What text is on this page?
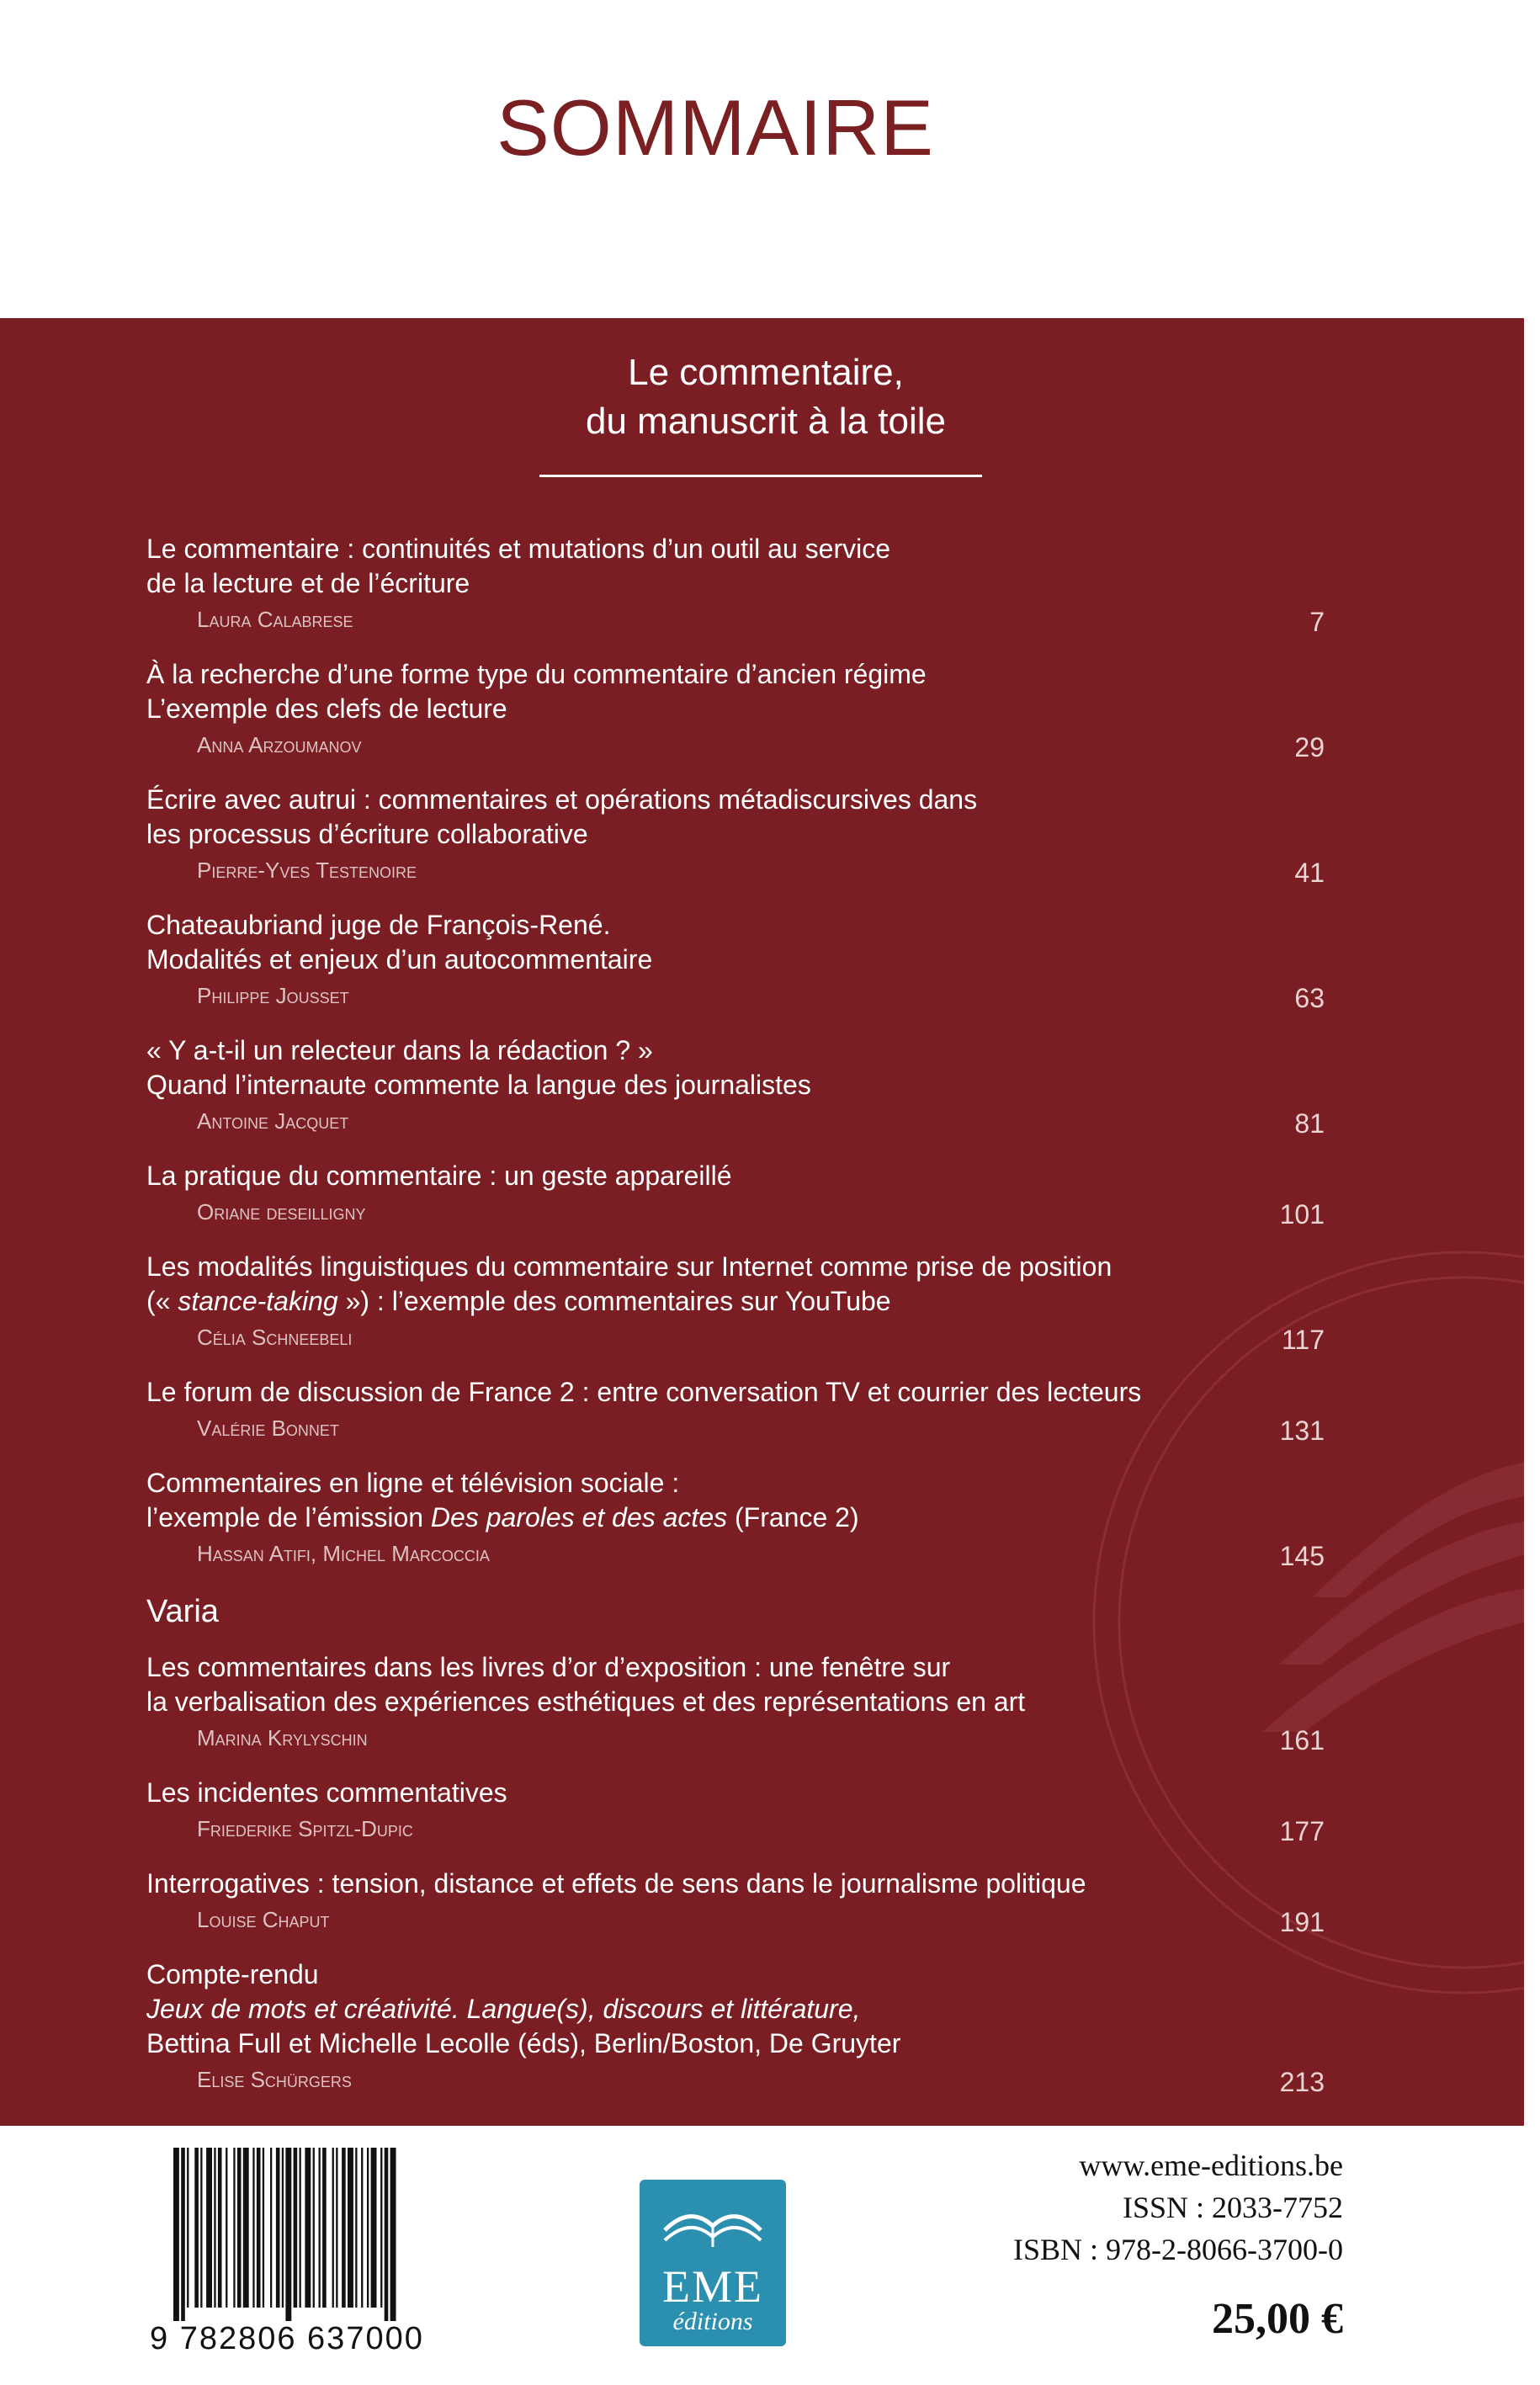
SOMMAIRE
Le commentaire,
du manuscrit à la toile
Le commentaire : continuités et mutations d’un outil au service
de la lecture et de l’écriture
Laura Calabrese	7
À la recherche d’une forme type du commentaire d’ancien régime
L’exemple des clefs de lecture
Anna Arzoumanov	29
Écrire avec autrui : commentaires et opérations métadiscursives dans
les processus d’écriture collaborative
Pierre-Yves Testenoire	41
Chateaubriand juge de François-René.
Modalités et enjeux d’un autocommentaire
Philippe Jousset	63
« Y a-t-il un relecteur dans la rédaction ? »
Quand l’internaute commente la langue des journalistes
Antoine Jacquet	81
La pratique du commentaire : un geste appareillé
Oriane deseilligny	101
Les modalités linguistiques du commentaire sur Internet comme prise de position
(« stance-taking ») : l’exemple des commentaires sur YouTube
Célia Schneebeli	117
Le forum de discussion de France 2 : entre conversation TV et courrier des lecteurs
Valérie Bonnet	131
Commentaires en ligne et télévision sociale :
l’exemple de l’émission Des paroles et des actes (France 2)
Hassan Atifi, Michel Marcoccia	145
Varia
Les commentaires dans les livres d’or d’exposition : une fenêtre sur
la verbalisation des expériences esthétiques et des représentations en art
Marina Krylyschin	161
Les incidentes commentatives
Friederike Spitzl-Dupic	177
Interrogatives : tension, distance et effets de sens dans le journalisme politique
Louise Chaput	191
Compte-rendu
Jeux de mots et créativité. Langue(s), discours et littérature,
Bettina Full et Michelle Lecolle (éds), Berlin/Boston, De Gruyter
Elise Schürgers	213
9 782806 637000
EME
éditions
www.eme-editions.be
ISSN : 2033-7752
ISBN : 978-2-8066-3700-0
25,00 €
